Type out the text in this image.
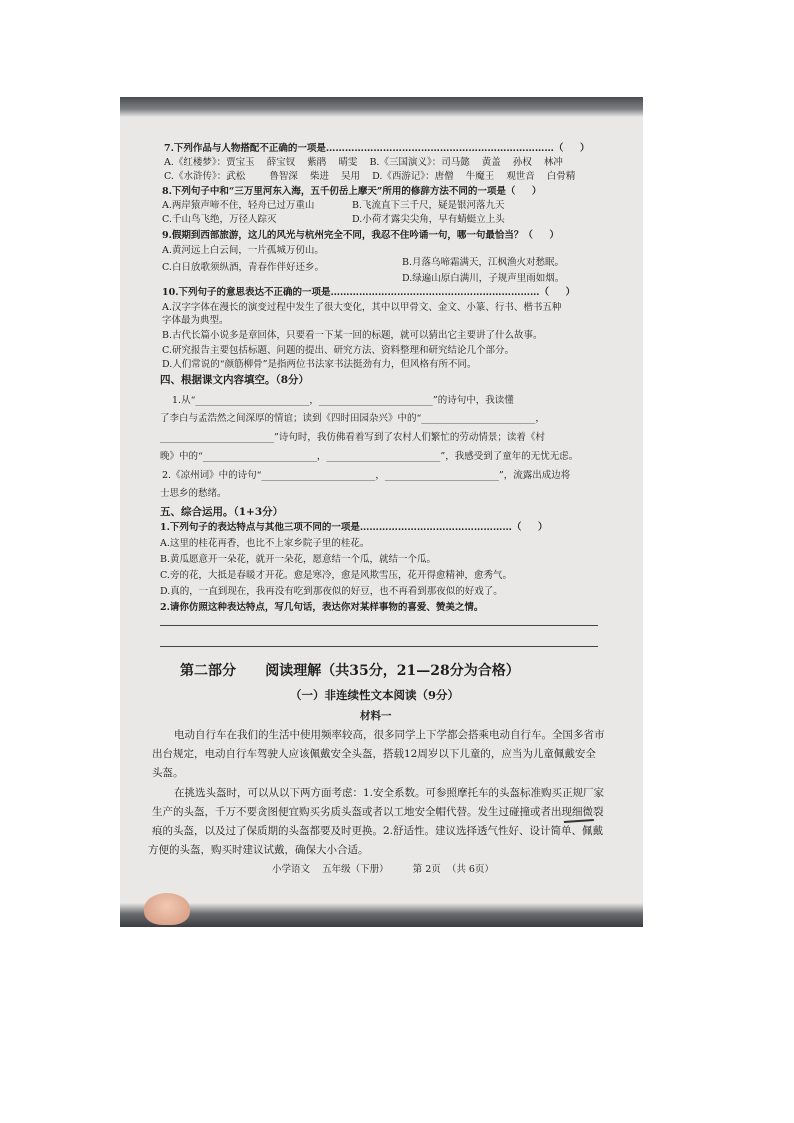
7.下列作品与人物搭配不正确的一项是………………………………………………………………（     ）
A.《红楼梦》：贾宝玉    薛宝钗    紫鹃    晴雯    B.《三国演义》：司马懿    黄盖    孙权    林冲
C.《水浒传》：武松        鲁智深    柴进    吴用    D.《西游记》：唐僧    牛魔王    观世音    白骨精
8.下列句子中和“三万里河东入海，五千仞岳上摩天”所用的修辞方法不同的一项是（     ）
A.两岸猿声啼不住，轻舟已过万重山	B.飞流直下三千尺，疑是银河落九天
C.千山鸟飞绝，万径人踪灭	D.小荷才露尖尖角，早有蜻蜓立上头
9.假期到西部旅游，这儿的风光与杭州完全不同，我忍不住吟诵一句，哪一句最恰当？（     ）
A.黄河远上白云间，一片孤城万仞山。
B.月落乌啼霜满天，江枫渔火对愁眠。
C.白日放歌须纵酒，青春作伴好还乡。
D.绿遍山原白满川，子规声里雨如烟。
10.下列句子的意思表达不正确的一项是…………………………………………………………（     ）
A.汉字字体在漫长的演变过程中发生了很大变化，其中以甲骨文、金文、小篆、行书、楷书五种
字体最为典型。
B.古代长篇小说多是章回体，只要看一下某一回的标题，就可以猜出它主要讲了什么故事。
C.研究报告主要包括标题、问题的提出、研究方法、资料整理和研究结论几个部分。
D.人们常说的“颜筋柳骨”是指两位书法家书法挺劲有力，但风格有所不同。
四、根据课文内容填空。（8分）
1.从“________________________，________________________”的诗句中，我读懂
了李白与孟浩然之间深厚的情谊；读到《四时田园杂兴》中的“________________________，
________________________”诗句时，我仿佛看着写到了农村人们繁忙的劳动情景；读着《村
晚》中的“________________________，________________________”，我感受到了童年的无忧无虑。
2.《凉州词》中的诗句“________________________，________________________”，流露出成边将
士思乡的愁绪。
五、综合运用。（1+3分）
1.下列句子的表达特点与其他三项不同的一项是…………………………………………（     ）
A.这里的桂花再香，也比不上家乡院子里的桂花。
B.黄瓜愿意开一朵花，就开一朵花，愿意结一个瓜，就结一个瓜。
C.旁的花，大抵是春暖才开花。愈是寒冷，愈是风欺雪压，花开得愈精神，愈秀气。
D.真的，一直到现在，我再没有吃到那夜似的好豆，也不再看到那夜似的好戏了。
2.请你仿照这种表达特点，写几句话，表达你对某样事物的喜爱、赞美之情。
第二部分      阅读理解（共35分，21—28分为合格）
（一）非连续性文本阅读（9分）
材料一
电动自行车在我们的生活中使用频率较高，很多同学上下学都会搭乘电动自行车。全国多省市
出台规定，电动自行车驾驶人应该佩戴安全头盔，搭载12周岁以下儿童的，应当为儿童佩戴安全
头盔。
在挑选头盔时，可以从以下两方面考虑：1.安全系数。可参照摩托车的头盔标准购买正规厂家
生产的头盔，千万不要贪图便宜购买劣质头盔或者以工地安全帽代替。发生过碰撞或者出现细微裂
痕的头盔，以及过了保质期的头盔都要及时更换。2.舒适性。建议选择透气性好、设计简单、佩戴
方便的头盔，购买时建议试戴，确保大小合适。
小学语文    五年级（下册）        第 2页  （共 6页）
